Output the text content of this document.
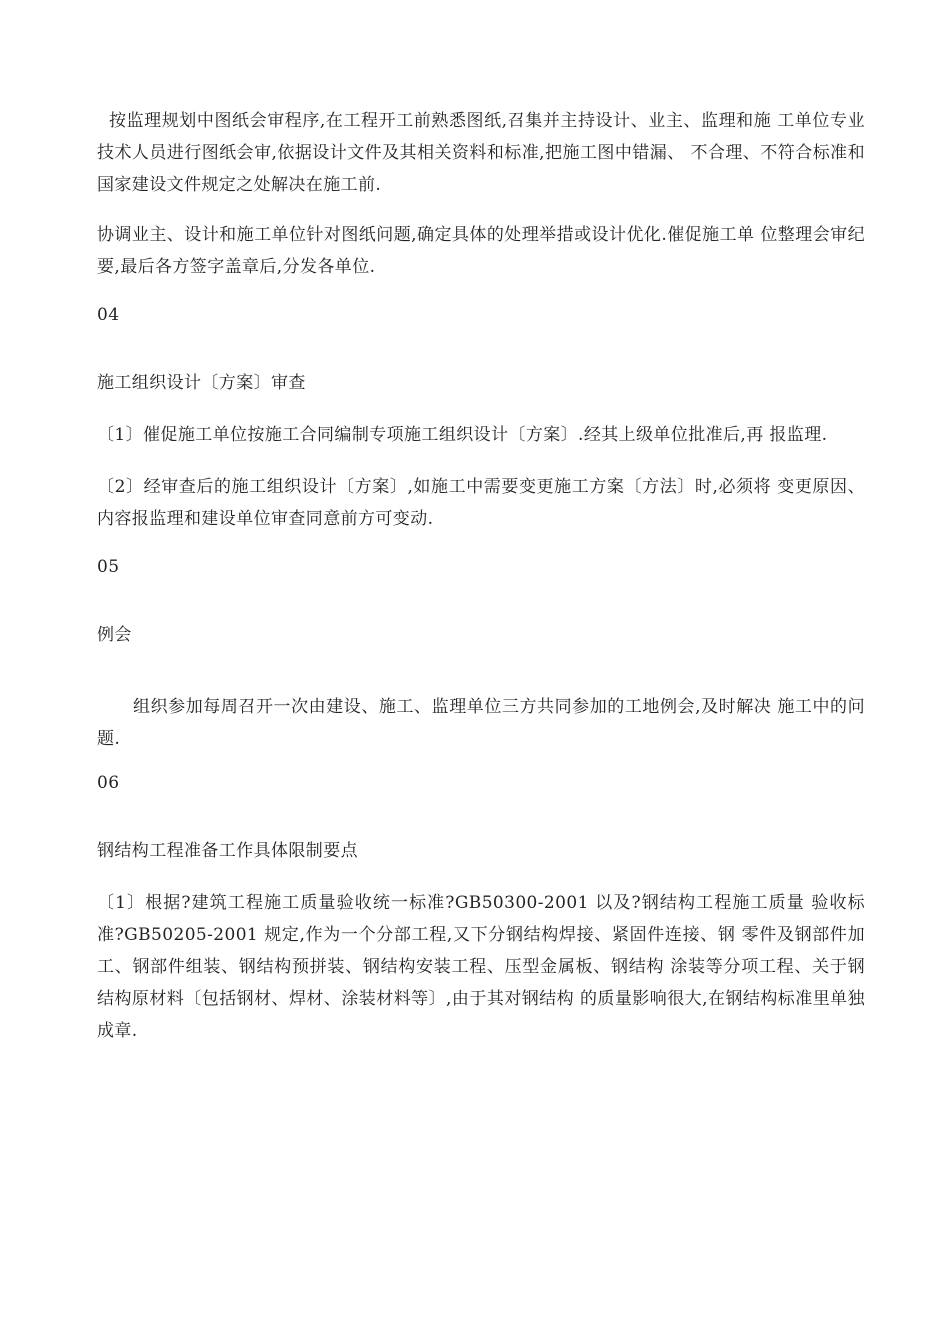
按监理规划中图纸会审程序,在工程开工前熟悉图纸,召集并主持设计、业主、监理和施 工单位专业技术人员进行图纸会审,依据设计文件及其相关资料和标准,把施工图中错漏、 不合理、不符合标准和国家建设文件规定之处解决在施工前.

协调业主、设计和施工单位针对图纸问题,确定具体的处理举措或设计优化.催促施工单 位整理会审纪要,最后各方签字盖章后,分发各单位.

04

施工组织设计〔方案〕审查

〔1〕催促施工单位按施工合同编制专项施工组织设计〔方案〕.经其上级单位批准后,再 报监理.

〔2〕经审查后的施工组织设计〔方案〕,如施工中需要变更施工方案〔方法〕时,必须将 变更原因、内容报监理和建设单位审查同意前方可变动.

05

例会

组织参加每周召开一次由建设、施工、监理单位三方共同参加的工地例会,及时解决 施工中的问题.

06

钢结构工程准备工作具体限制要点

〔1〕根据?建筑工程施工质量验收统一标准?GB50300-2001 以及?钢结构工程施工质量 验收标准?GB50205-2001 规定,作为一个分部工程,又下分钢结构焊接、紧固件连接、钢 零件及钢部件加工、钢部件组装、钢结构预拼装、钢结构安装工程、压型金属板、钢结构 涂装等分项工程、关于钢结构原材料〔包括钢材、焊材、涂装材料等〕,由于其对钢结构 的质量影响很大,在钢结构标准里单独成章.
